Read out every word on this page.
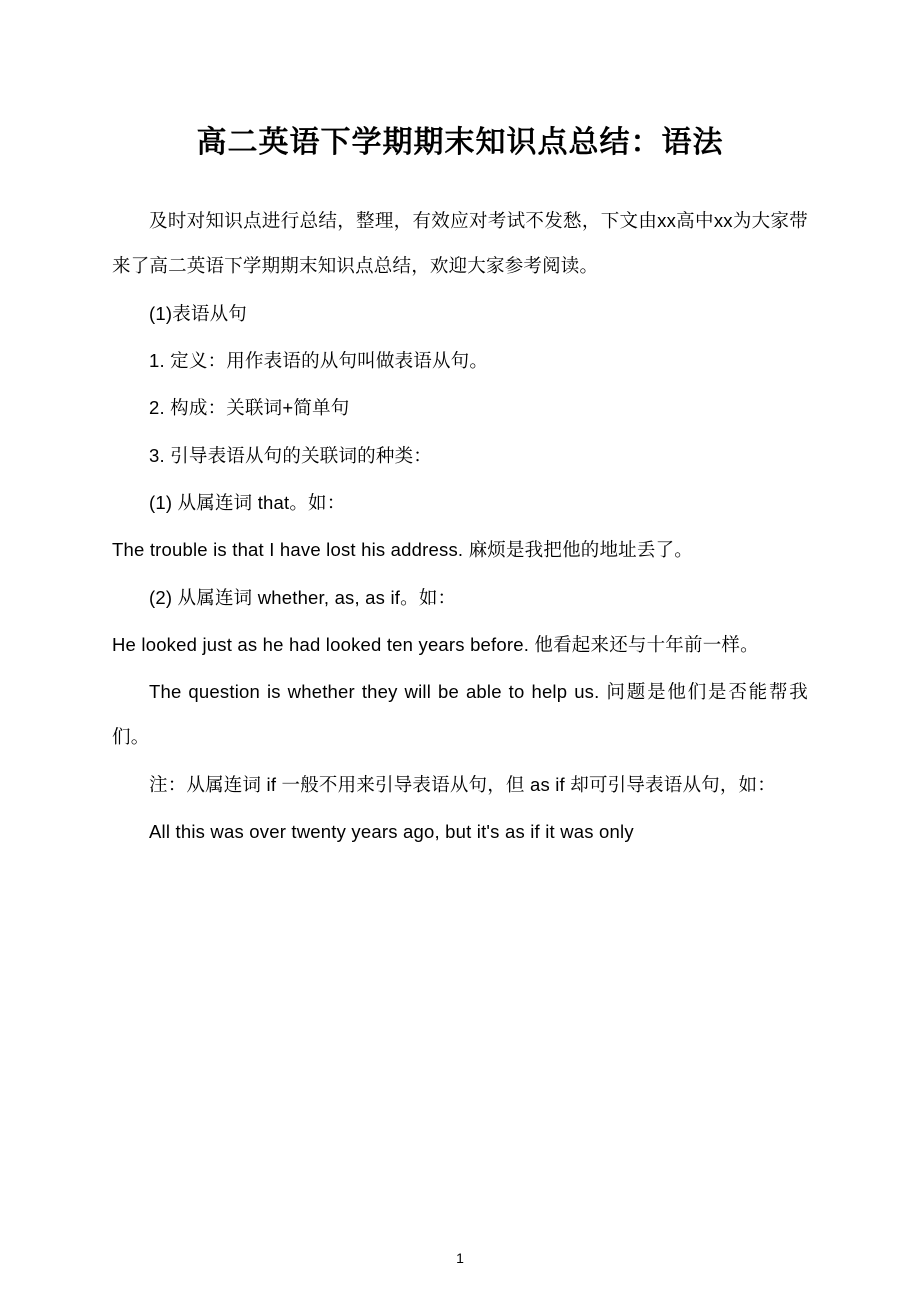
高二英语下学期期末知识点总结：语法

及时对知识点进行总结，整理，有效应对考试不发愁，下文由xx高中xx为大家带来了高二英语下学期期末知识点总结，欢迎大家参考阅读。

(1)表语从句

1. 定义：用作表语的从句叫做表语从句。

2. 构成：关联词+简单句

3. 引导表语从句的关联词的种类：

(1) 从属连词 that。如：

The trouble is that I have lost his address. 麻烦是我把他的地址丢了。

(2) 从属连词 whether, as, as if。如：

He looked just as he had looked ten years before. 他看起来还与十年前一样。

The question is whether they will be able to help us. 问题是他们是否能帮我们。

注：从属连词 if 一般不用来引导表语从句，但 as if 却可引导表语从句，如：

All this was over twenty years ago, but it's as if it was only

1
